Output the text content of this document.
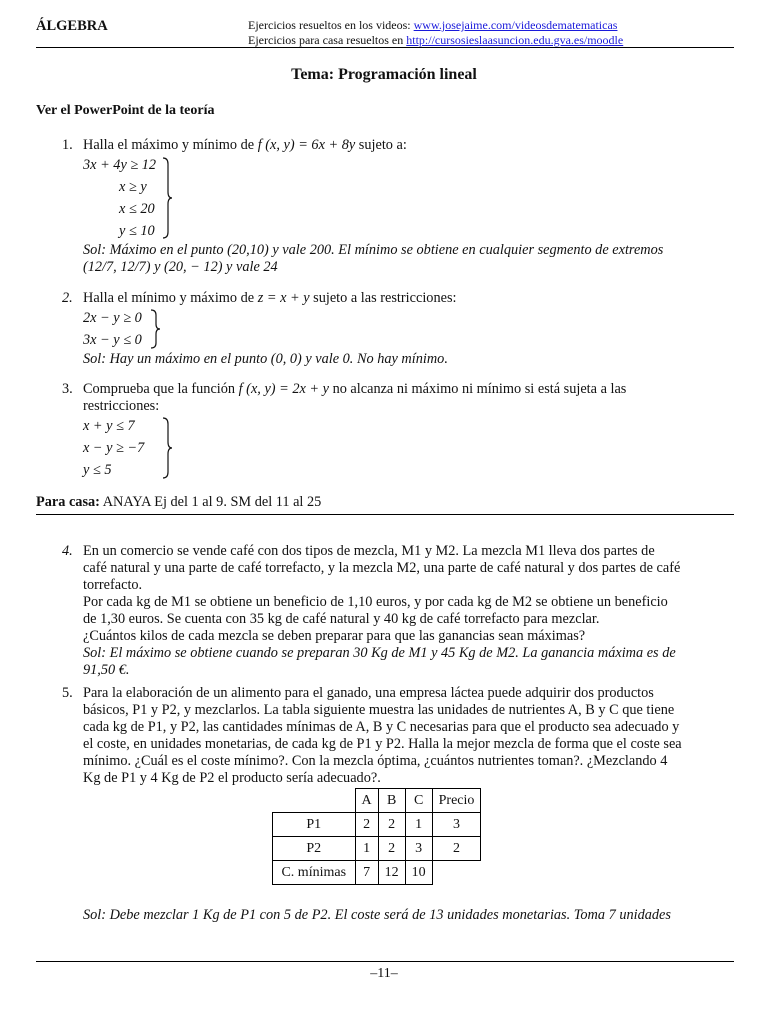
ÁLGEBRA	Ejercicios resueltos en los videos: www.josejaime.com/videosdematematicas
Ejercicios para casa resueltos en http://cursosieslaasuncion.edu.gva.es/moodle
Tema: Programación lineal
Ver el PowerPoint de la teoría
1. Halla el máximo y mínimo de f (x, y) = 6x + 8y sujeto a:
3x + 4y ≥ 12
x ≥ y
x ≤ 20
y ≤ 10
Sol: Máximo en el punto (20,10) y vale 200. El mínimo se obtiene en cualquier segmento de extremos
(12/7, 12/7) y (20, − 12) y vale 24
2. Halla el mínimo y máximo de z = x + y sujeto a las restricciones:
2x − y ≥ 0
3x − y ≤ 0
Sol: Hay un máximo en el punto (0, 0) y vale 0. No hay mínimo.
3. Comprueba que la función f (x, y) = 2x + y no alcanza ni máximo ni mínimo si está sujeta a las
restricciones:
x + y ≤ 7
x − y ≥ −7
y ≤ 5
Para casa: ANAYA Ej del 1 al 9. SM del 11 al 25
4. En un comercio se vende café con dos tipos de mezcla, M1 y M2. La mezcla M1 lleva dos partes de
café natural y una parte de café torrefacto, y la mezcla M2, una parte de café natural y dos partes de café
torrefacto.
Por cada kg de M1 se obtiene un beneficio de 1,10 euros, y por cada kg de M2 se obtiene un beneficio
de 1,30 euros. Se cuenta con 35 kg de café natural y 40 kg de café torrefacto para mezclar.
¿Cuántos kilos de cada mezcla se deben preparar para que las ganancias sean máximas?
Sol: El máximo se obtiene cuando se preparan 30 Kg de M1 y 45 Kg de M2. La ganancia máxima es de
91,50 €.
5. Para la elaboración de un alimento para el ganado, una empresa láctea puede adquirir dos productos
básicos, P1 y P2, y mezclarlos. La tabla siguiente muestra las unidades de nutrientes A, B y C que tiene
cada kg de P1, y P2, las cantidades mínimas de A, B y C necesarias para que el producto sea adecuado y
el coste, en unidades monetarias, de cada kg de P1 y P2. Halla la mejor mezcla de forma que el coste sea
mínimo. ¿Cuál es el coste mínimo?. Con la mezcla óptima, ¿cuántos nutrientes toman?. ¿Mezclando 4
Kg de P1 y 4 Kg de P2 el producto sería adecuado?.
	A	B	C	Precio
P1	2	2	1	3
P2	1	2	3	2
C. mínimas	7	12	10	
Sol: Debe mezclar 1 Kg de P1 con 5 de P2. El coste será de 13 unidades monetarias. Toma 7 unidades
–11–
